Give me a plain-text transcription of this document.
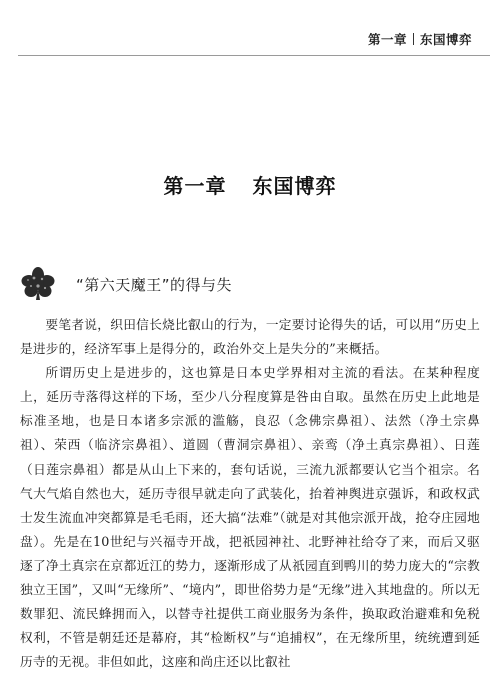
第一章 东国博弈
第一章 东国博弈
“第六天魔王”的得与失

要笔者说，织田信长烧比叡山的行为，一定要讨论得失的话，可以用“历史上是进步的，经济军事上是得分的，政治外交上是失分的”来概括。

所谓历史上是进步的，这也算是日本史学界相对主流的看法。在某种程度上，延历寺落得这样的下场，至少八分程度算是咎由自取。虽然在历史上此地是标准圣地，也是日本诸多宗派的滥觞，良忍（念佛宗鼻祖）、法然（净土宗鼻祖）、荣西（临济宗鼻祖）、道圆（曹洞宗鼻祖）、亲鸾（净土真宗鼻祖）、日莲（日莲宗鼻祖）都是从山上下来的，套句话说，三流九派都要认它当个祖宗。名气大气焰自然也大，延历寺很早就走向了武装化，抬着神舆进京强诉，和政权武士发生流血冲突都算是毛毛雨，还大搞“法难”（就是对其他宗派开战，抢夺庄园地盘）。先是在10世纪与兴福寺开战，把祇园神社、北野神社给夺了来，而后又驱逐了净土真宗在京都近江的势力，逐渐形成了从祇园直到鸭川的势力庞大的“宗教独立王国”，又叫“无缘所”、“境内”，即世俗势力是“无缘”进入其地盘的。所以无数罪犯、流民蜂拥而入，以替寺社提供工商业服务为条件，换取政治避难和免税权利，不管是朝廷还是幕府，其“检断权”与“追捕权”，在无缘所里，统统遭到延历寺的无视。非但如此，这座和尚庄还以比叡社
